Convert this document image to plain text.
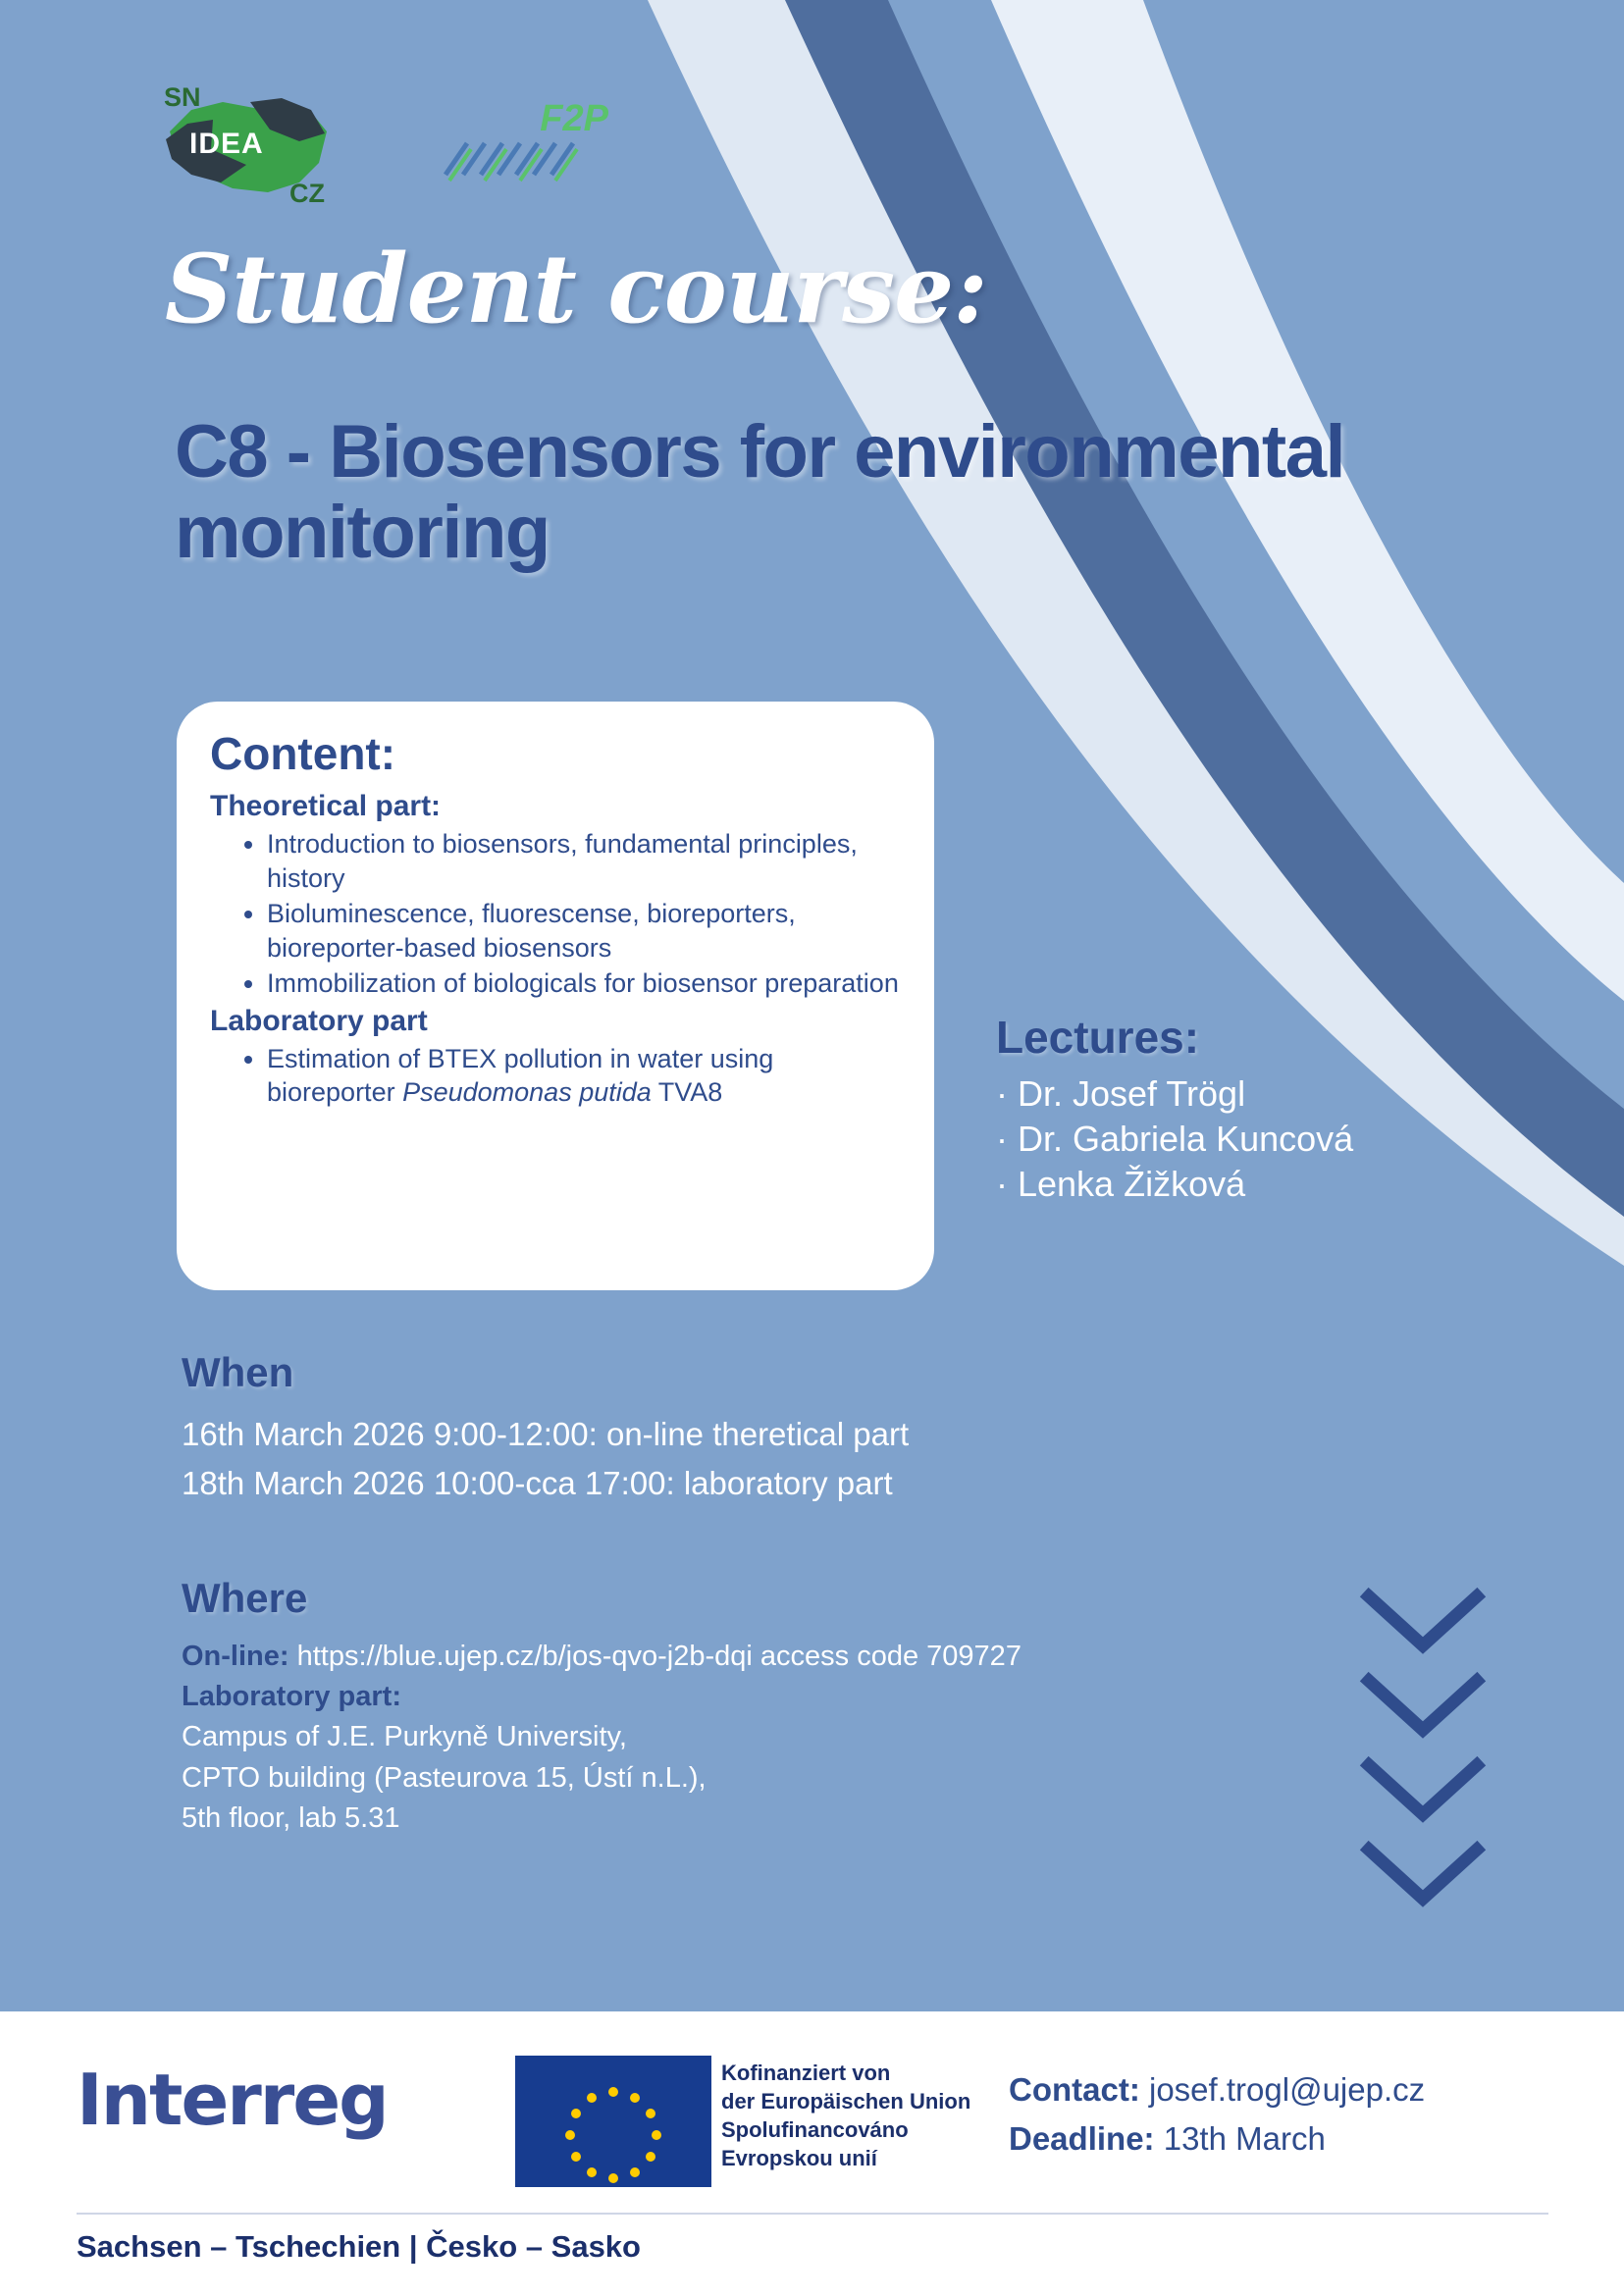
SN
IDEA
CZ
F2P
Student course:
C8 - Biosensors for environmental monitoring
Content:
Theoretical part:
• Introduction to biosensors, fundamental principles, history
• Bioluminescence, fluorescense, bioreporters, bioreporter-based biosensors
• Immobilization of biologicals for biosensor preparation
Laboratory part
• Estimation of BTEX pollution in water using bioreporter Pseudomonas putida TVA8
Lectures:
· Dr. Josef Trögl
· Dr. Gabriela Kuncová
· Lenka Žižková
When
16th March 2026 9:00-12:00: on-line theretical part
18th March 2026 10:00-cca 17:00: laboratory part
Where
On-line: https://blue.ujep.cz/b/jos-qvo-j2b-dqi access code 709727
Laboratory part:
Campus of J.E. Purkyně University,
CPTO building (Pasteurova 15, Ústí n.L.),
5th floor, lab 5.31
Interreg	Kofinanziert von
der Europäischen Union
Spolufinancováno
Evropskou unií
Contact: josef.trogl@ujep.cz
Deadline: 13th March
Sachsen – Tschechien | Česko – Sasko
